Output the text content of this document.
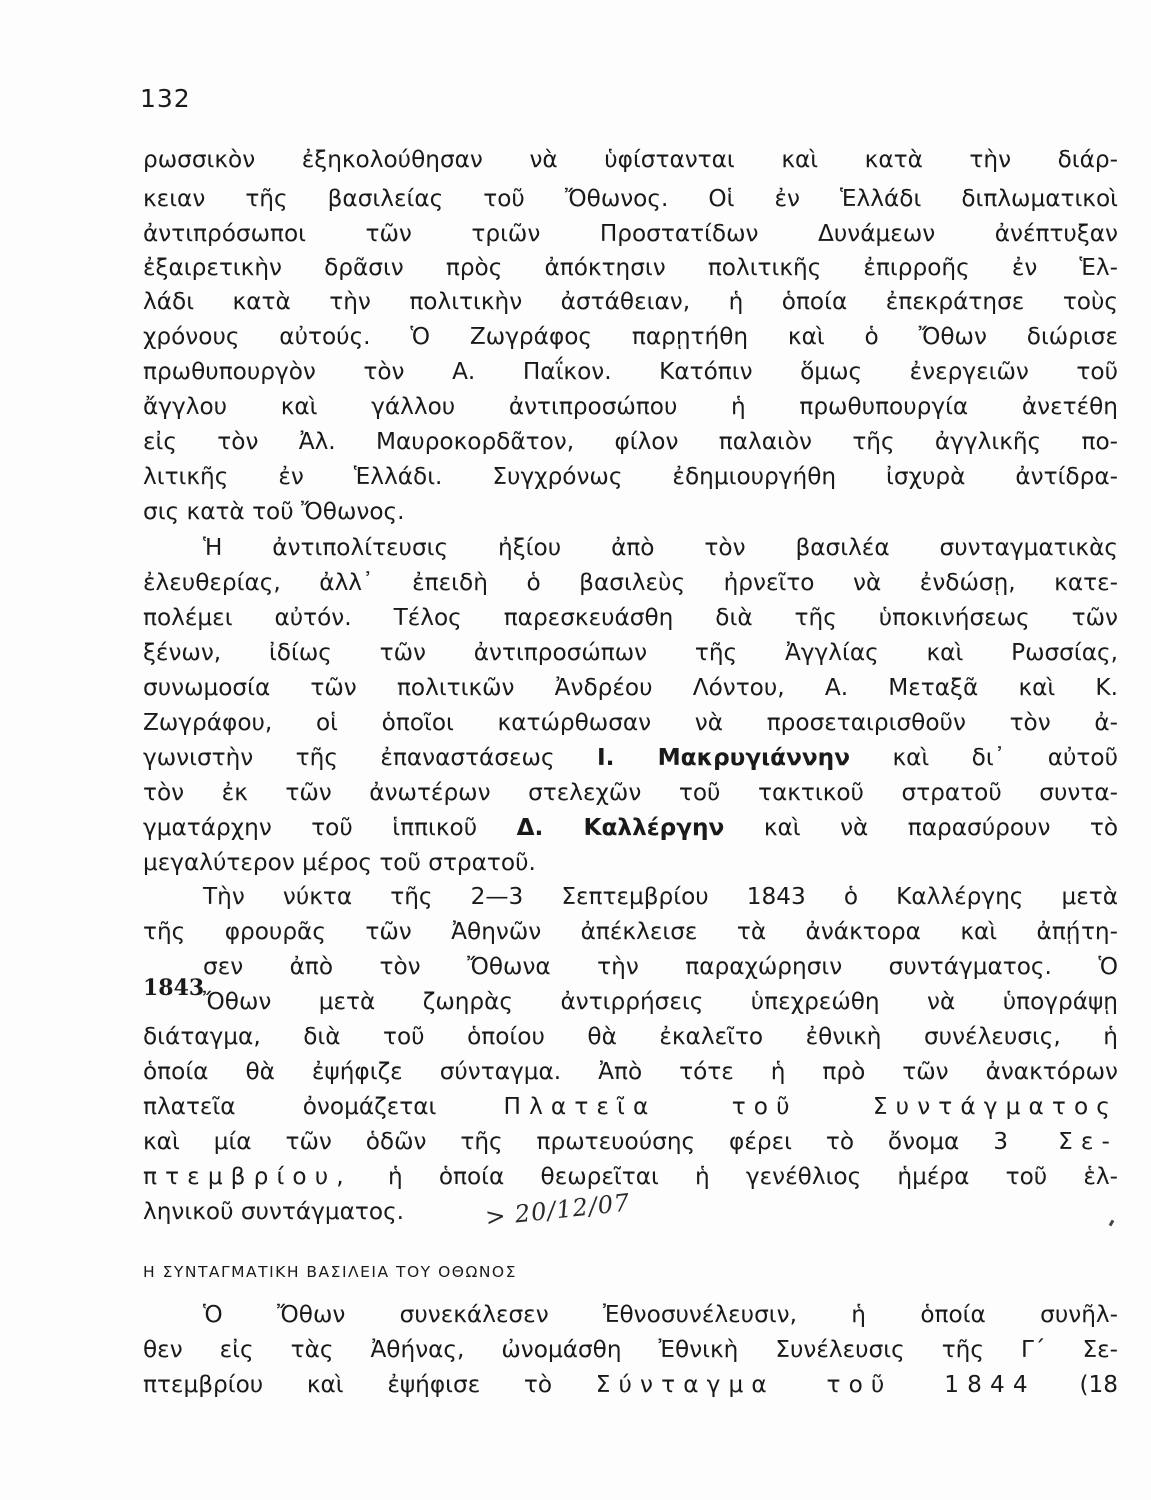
132
ρωσσικὸν ἐξηκολούθησαν νὰ ὑφίστανται καὶ κατὰ τὴν διάρ-
κειαν τῆς βασιλείας τοῦ Ὄθωνος. Οἱ ἐν Ἑλλάδι διπλωματικοὶ
ἀντιπρόσωποι τῶν τριῶν Προστατίδων Δυνάμεων ἀνέπτυξαν
ἐξαιρετικὴν δρᾶσιν πρὸς ἀπόκτησιν πολιτικῆς ἐπιρροῆς ἐν Ἑλ-
λάδι κατὰ τὴν πολιτικὴν ἀστάθειαν, ἡ ὁποία ἐπεκράτησε τοὺς
χρόνους αὐτούς. Ὁ Ζωγράφος παρῃτήθη καὶ ὁ Ὄθων διώρισε
πρωθυπουργὸν τὸν Α. Παΐκον. Κατόπιν ὅμως ἐνεργειῶν τοῦ
ἄγγλου καὶ γάλλου ἀντιπροσώπου ἡ πρωθυπουργία ἀνετέθη
εἰς τὸν Ἀλ. Μαυροκορδᾶτον, φίλον παλαιὸν τῆς ἀγγλικῆς πο-
λιτικῆς ἐν Ἑλλάδι. Συγχρόνως ἐδημιουργήθη ἰσχυρὰ ἀντίδρα-
σις κατὰ τοῦ Ὄθωνος.
Ἡ ἀντιπολίτευσις ἠξίου ἀπὸ τὸν βασιλέα συνταγματικὰς
ἐλευθερίας, ἀλλ᾽ ἐπειδὴ ὁ βασιλεὺς ἠρνεῖτο νὰ ἐνδώσῃ, κατε-
πολέμει αὐτόν. Τέλος παρεσκευάσθη διὰ τῆς ὑποκινήσεως τῶν
ξένων, ἰδίως τῶν ἀντιπροσώπων τῆς Ἀγγλίας καὶ Ρωσσίας,
συνωμοσία τῶν πολιτικῶν Ἀνδρέου Λόντου, Α. Μεταξᾶ καὶ Κ.
Ζωγράφου, οἱ ὁποῖοι κατώρθωσαν νὰ προσεταιρισθοῦν τὸν ἀ-
γωνιστὴν τῆς ἐπαναστάσεως Ι. Μακρυγιάννην καὶ δι᾽ αὐτοῦ
τὸν ἐκ τῶν ἀνωτέρων στελεχῶν τοῦ τακτικοῦ στρατοῦ συντα-
γματάρχην τοῦ ἱππικοῦ Δ. Καλλέργην καὶ νὰ παρασύρουν τὸ
μεγαλύτερον μέρος τοῦ στρατοῦ.
Τὴν νύκτα τῆς 2—3 Σεπτεμβρίου 1843 ὁ Καλλέργης μετὰ
τῆς φρουρᾶς τῶν Ἀθηνῶν ἀπέκλεισε τὰ ἀνάκτορα καὶ ἀπῄτη-
1843
σεν ἀπὸ τὸν Ὄθωνα τὴν παραχώρησιν συντάγματος. Ὁ
Ὄθων μετὰ ζωηρὰς ἀντιρρήσεις ὑπεχρεώθη νὰ ὑπογράψῃ
διάταγμα, διὰ τοῦ ὁποίου θὰ ἐκαλεῖτο ἐθνικὴ συνέλευσις, ἡ
ὁποία θὰ ἐψήφιζε σύνταγμα. Ἀπὸ τότε ἡ πρὸ τῶν ἀνακτόρων
πλατεῖα ὀνομάζεται	Πλατεῖα τοῦ Συντάγματος
καὶ μία τῶν ὁδῶν τῆς πρωτευούσης φέρει τὸ ὄνομα 3 Σε-
πτεμβρίου, ἡ ὁποία θεωρεῖται ἡ γενέθλιος ἡμέρα τοῦ ἑλ-
ληνικοῦ συντάγματος.	> 20/12/07
Η ΣΥΝΤΑΓΜΑΤΙΚΗ ΒΑΣΙΛΕΙΑ ΤΟΥ ΟΘΩΝΟΣ
Ὁ Ὄθων συνεκάλεσεν Ἐθνοσυνέλευσιν, ἡ ὁποία συνῆλ-
θεν εἰς τὰς Ἀθήνας, ὠνομάσθη Ἐθνικὴ Συνέλευσις τῆς Γ´ Σε-
πτεμβρίου καὶ ἐψήφισε τὸ Σύνταγμα τοῦ 1844 (18
